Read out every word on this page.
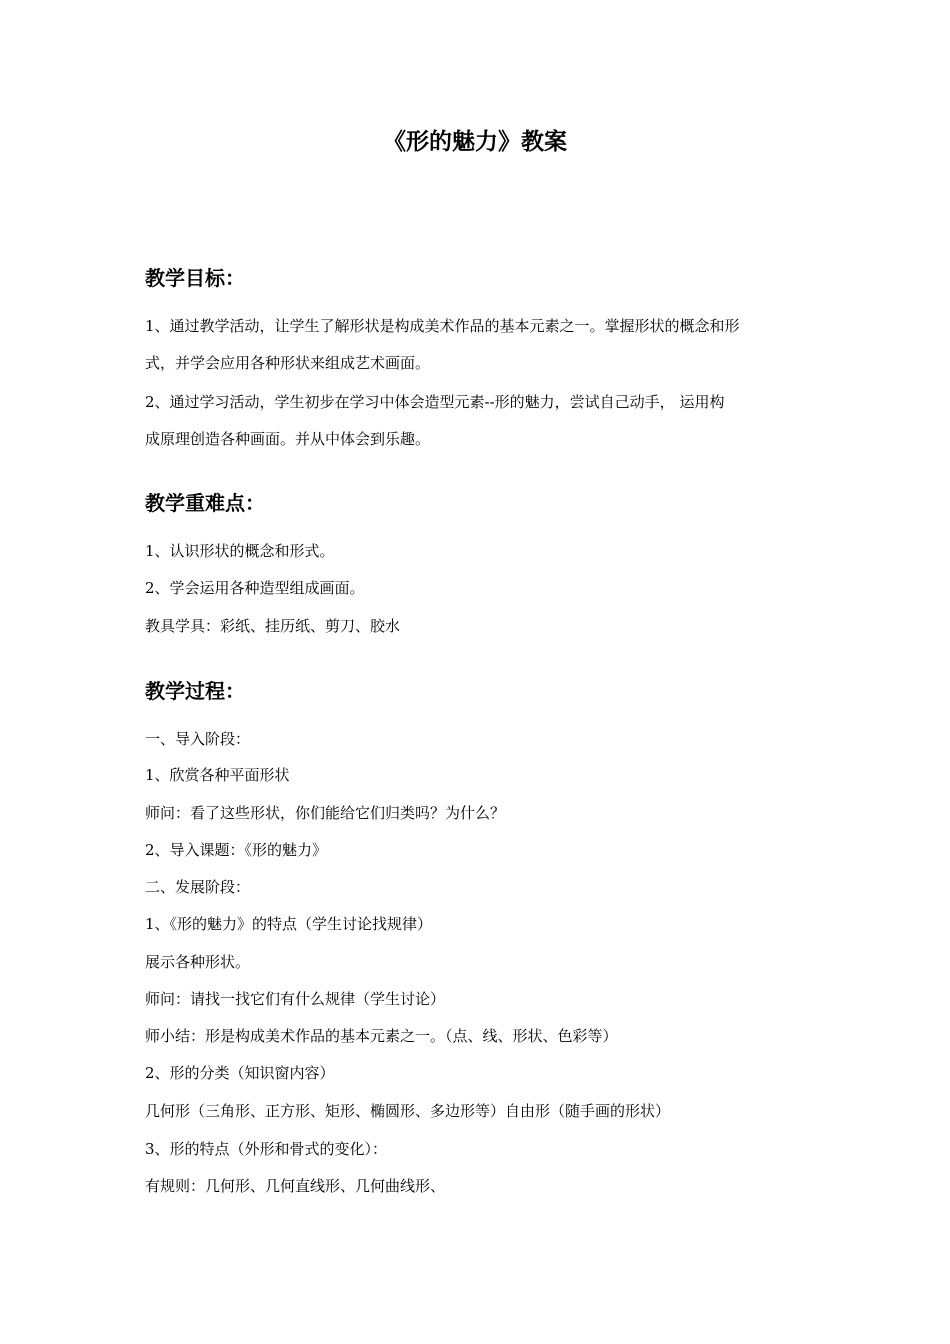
《形的魅力》教案
教学目标：
1、通过教学活动，让学生了解形状是构成美术作品的基本元素之一。掌握形状的概念和形
式，并学会应用各种形状来组成艺术画面。
2、通过学习活动，学生初步在学习中体会造型元素--形的魅力，尝试自己动手， 运用构
成原理创造各种画面。并从中体会到乐趣。
教学重难点：
1、认识形状的概念和形式。
2、学会运用各种造型组成画面。
教具学具：彩纸、挂历纸、剪刀、胶水
教学过程：
一、导入阶段：
1、欣赏各种平面形状
师问：看了这些形状，你们能给它们归类吗？为什么？
2、导入课题：《形的魅力》
二、发展阶段：
1、《形的魅力》的特点（学生讨论找规律）
展示各种形状。
师问：请找一找它们有什么规律（学生讨论）
师小结：形是构成美术作品的基本元素之一。（点、线、形状、色彩等）
2、形的分类（知识窗内容）
几何形（三角形、正方形、矩形、椭圆形、多边形等）自由形（随手画的形状）
3、形的特点（外形和骨式的变化）：
有规则：几何形、几何直线形、几何曲线形、
